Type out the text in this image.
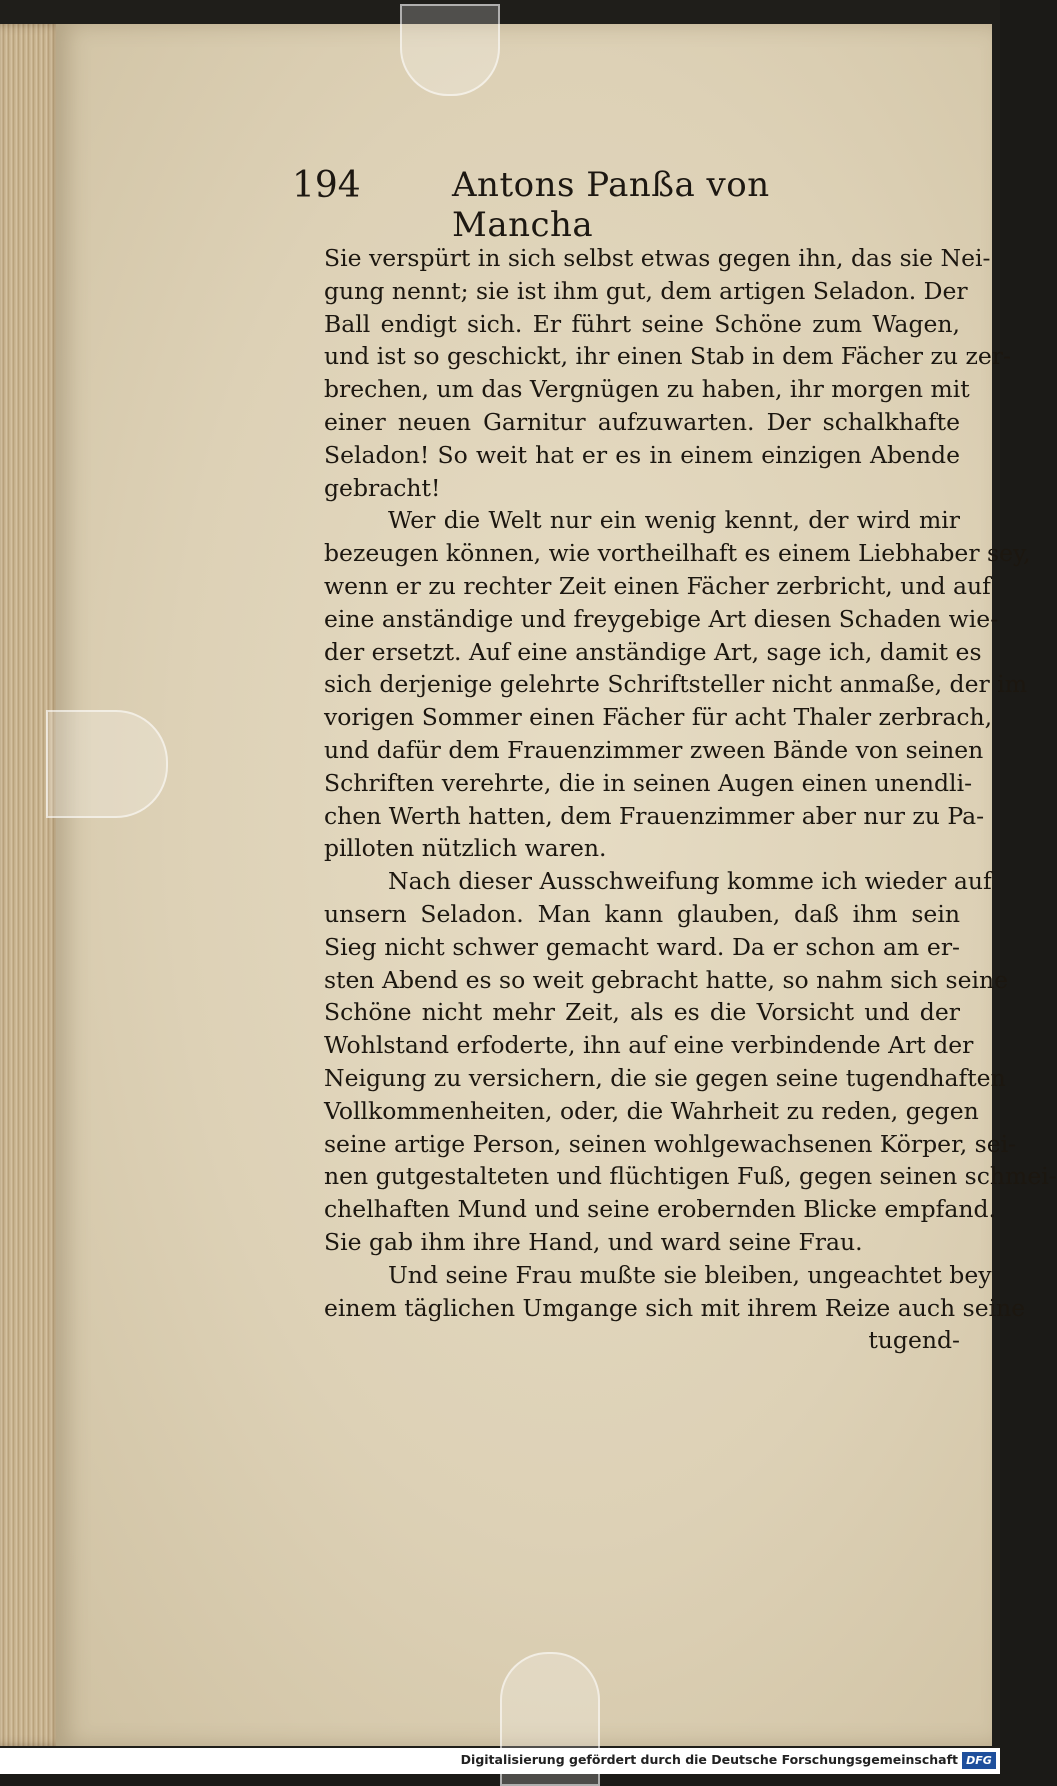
194	Antons Panßa von Mancha
Sie verspürt in sich selbst etwas gegen ihn, das sie Nei-
gung nennt; sie ist ihm gut, dem artigen Seladon. Der
Ball endigt sich. Er führt seine Schöne zum Wagen,
und ist so geschickt, ihr einen Stab in dem Fächer zu zer-
brechen, um das Vergnügen zu haben, ihr morgen mit
einer neuen Garnitur aufzuwarten. Der schalkhafte
Seladon! So weit hat er es in einem einzigen Abende
gebracht!
Wer die Welt nur ein wenig kennt, der wird mir
bezeugen können, wie vortheilhaft es einem Liebhaber sey,
wenn er zu rechter Zeit einen Fächer zerbricht, und auf
eine anständige und freygebige Art diesen Schaden wie-
der ersetzt. Auf eine anständige Art, sage ich, damit es
sich derjenige gelehrte Schriftsteller nicht anmaße, der im
vorigen Sommer einen Fächer für acht Thaler zerbrach,
und dafür dem Frauenzimmer zween Bände von seinen
Schriften verehrte, die in seinen Augen einen unendli-
chen Werth hatten, dem Frauenzimmer aber nur zu Pa-
pilloten nützlich waren.
Nach dieser Ausschweifung komme ich wieder auf
unsern Seladon. Man kann glauben, daß ihm sein
Sieg nicht schwer gemacht ward. Da er schon am er-
sten Abend es so weit gebracht hatte, so nahm sich seine
Schöne nicht mehr Zeit, als es die Vorsicht und der
Wohlstand erfoderte, ihn auf eine verbindende Art der
Neigung zu versichern, die sie gegen seine tugendhaften
Vollkommenheiten, oder, die Wahrheit zu reden, gegen
seine artige Person, seinen wohlgewachsenen Körper, sei-
nen gutgestalteten und flüchtigen Fuß, gegen seinen schmei-
chelhaften Mund und seine erobernden Blicke empfand.
Sie gab ihm ihre Hand, und ward seine Frau.
Und seine Frau mußte sie bleiben, ungeachtet bey
einem täglichen Umgange sich mit ihrem Reize auch seine
tugend-
Digitalisierung gefördert durch die Deutsche Forschungsgemeinschaft DFG
